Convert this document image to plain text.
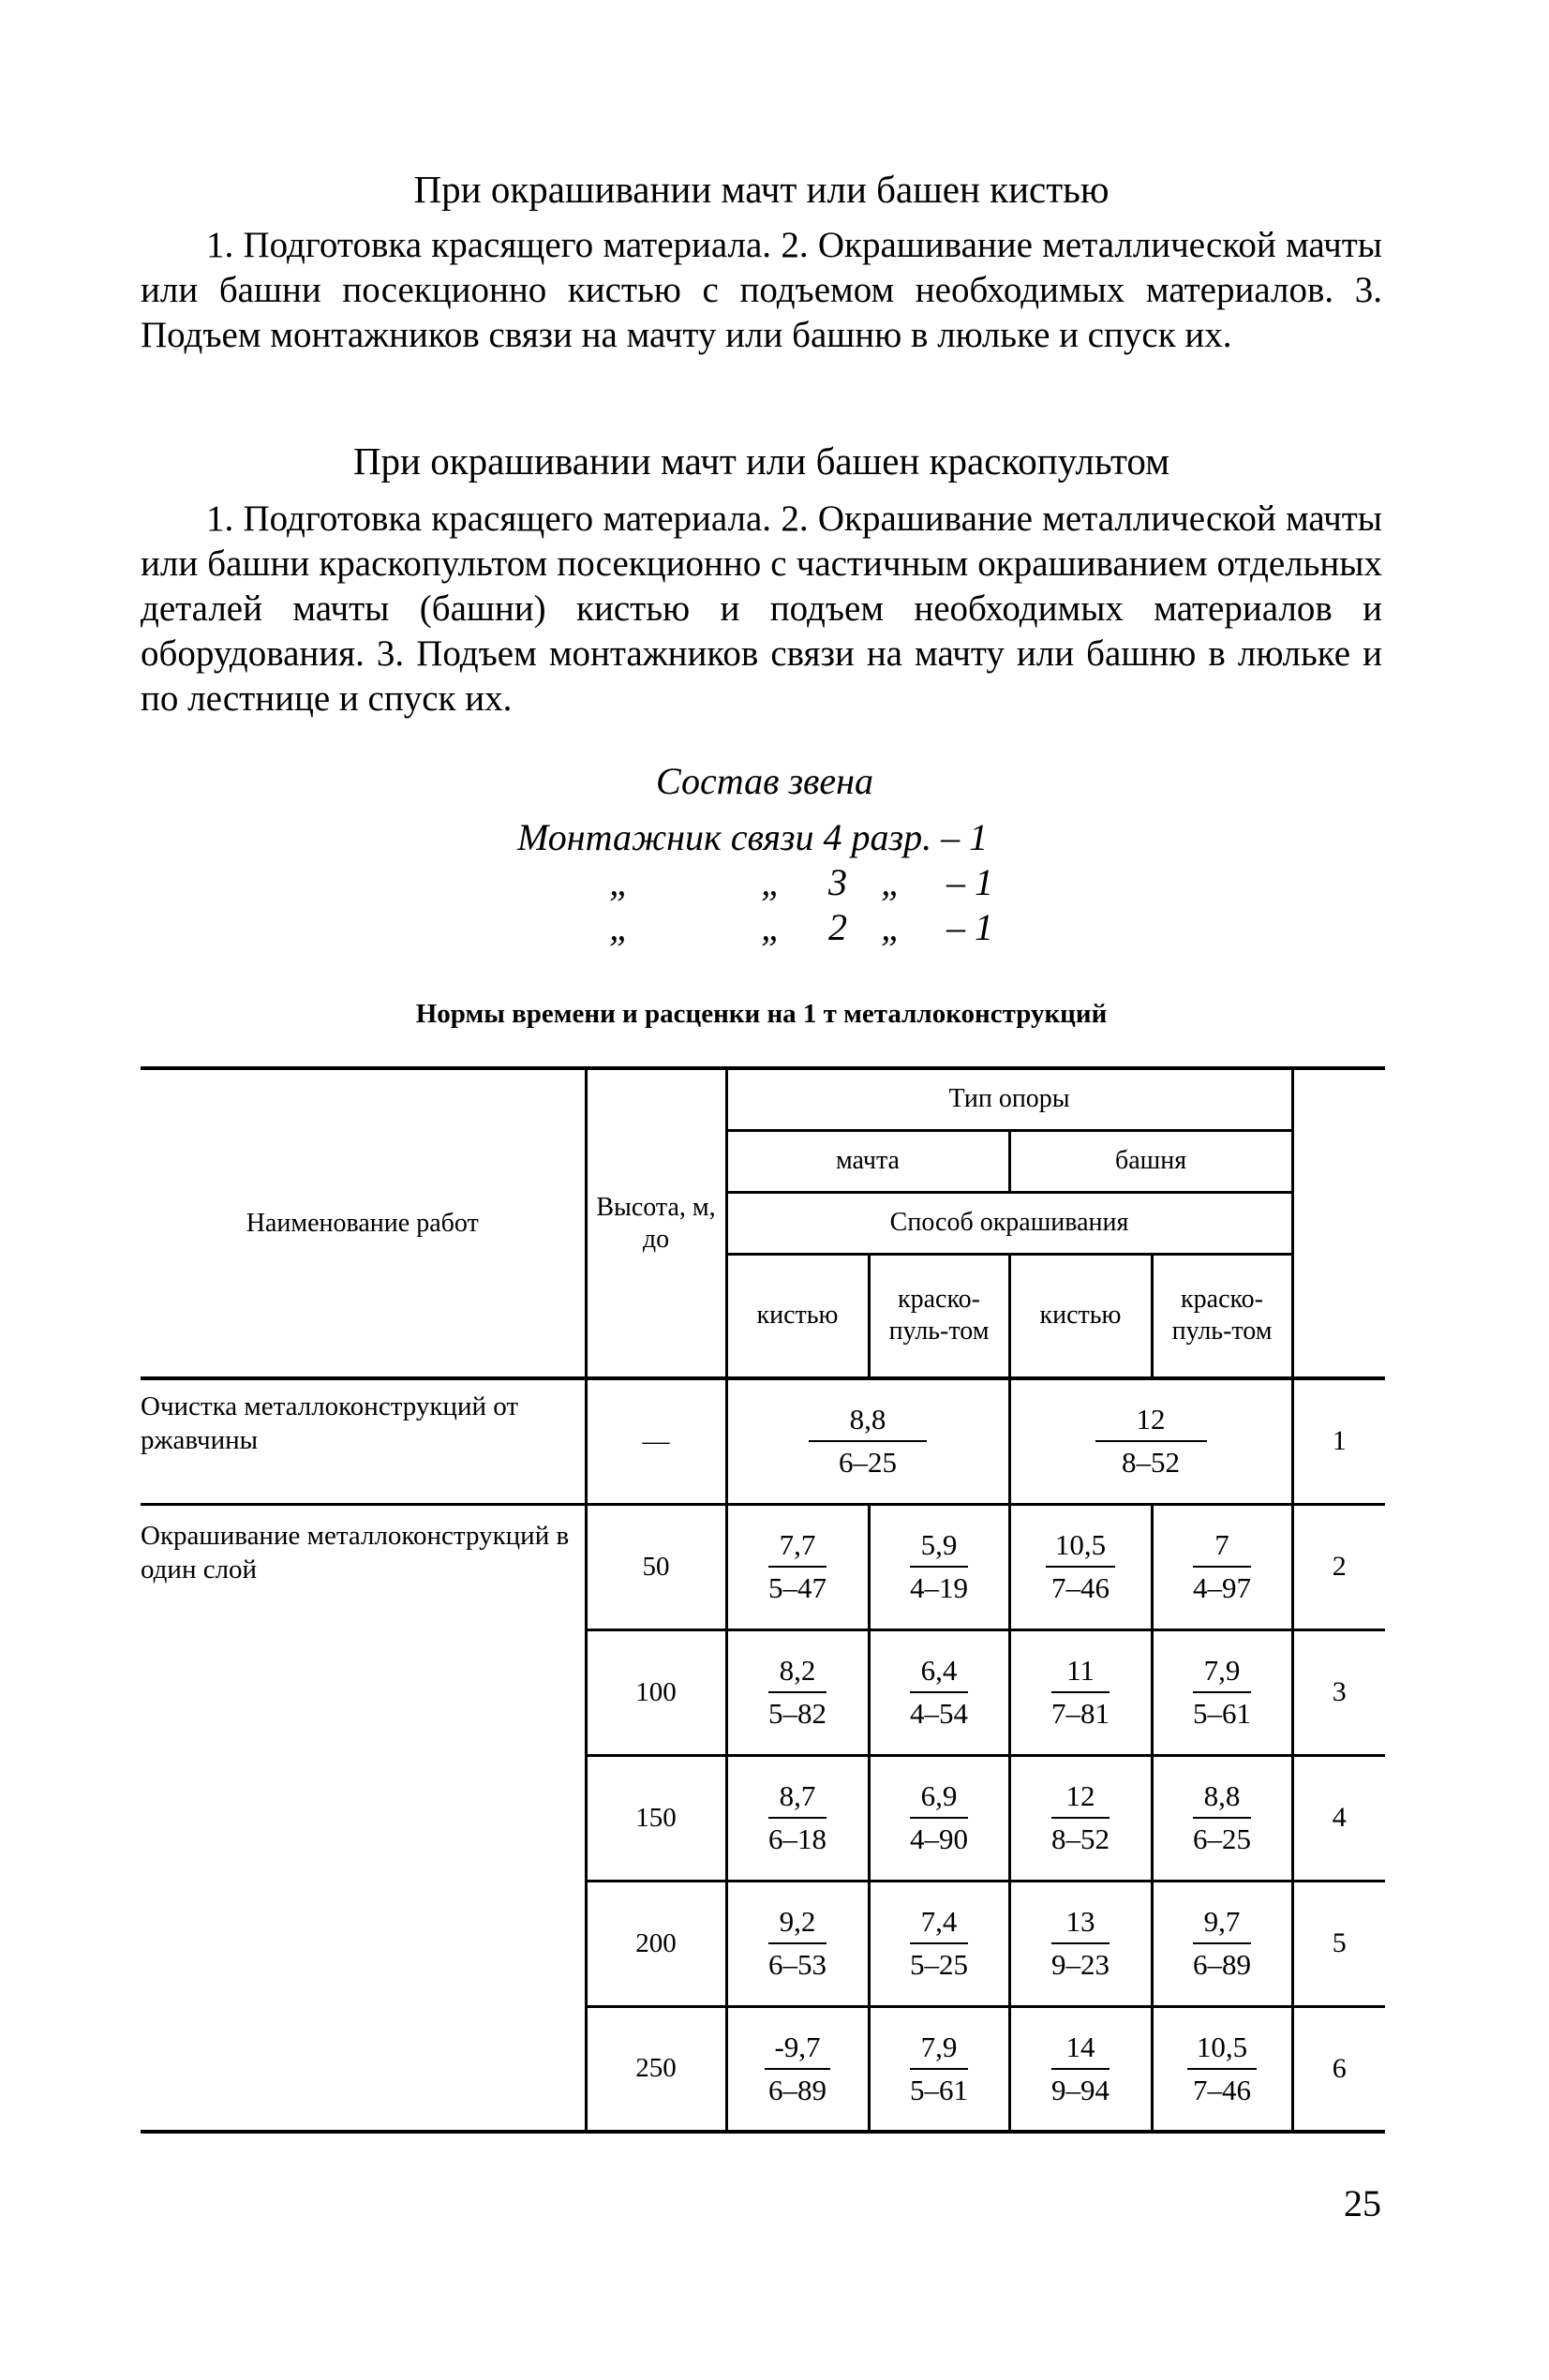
При окрашивании мачт или башен кистью

1. Подготовка красящего материала. 2. Окрашивание металлической мачты или башни посекционно кистью с подъемом необходимых материалов. 3. Подъем монтажников связи на мачту или башню в люльке и спуск их.

При окрашивании мачт или башен краскопультом

1. Подготовка красящего материала. 2. Окрашивание металлической мачты или башни краскопультом посекционно с частичным окрашиванием отдельных деталей мачты (башни) кистью и подъем необходимых материалов и оборудования. 3. Подъем монтажников связи на мачту или башню в люльке и по лестнице и спуск их.

Состав звена
Монтажник связи 4 разр. – 1
„	„ 3 „ – 1
„	„ 2 „ – 1
Нормы времени и расценки на 1 т металлоконструкций
Наименование работ	Высота, м, до	Тип опоры				
		мачта		башня		
		Способ окрашивания				
		кистью	краско-пуль-том	кистью	краско-пуль-том	
Очистка металлоконструкций от ржавчины	—	$\frac{8,8}{6-25}$		$\frac{12}{8-52}$		1
Окрашивание металлоконструкций в один слой	50	$\frac{7,7}{5-47}$	$\frac{5,9}{4-19}$	$\frac{10,5}{7-46}$	$\frac{7}{4-97}$	2
	100	$\frac{8,2}{5-82}$	$\frac{6,4}{4-54}$	$\frac{11}{7-81}$	$\frac{7,9}{5-61}$	3
	150	$\frac{8,7}{6-18}$	$\frac{6,9}{4-90}$	$\frac{12}{8-52}$	$\frac{8,8}{6-25}$	4
	200	$\frac{9,2}{6-53}$	$\frac{7,4}{5-25}$	$\frac{13}{9-23}$	$\frac{9,7}{6-89}$	5
	250	$\frac{-9,7}{6-89}$	$\frac{7,9}{5-61}$	$\frac{14}{9-94}$	$\frac{10,5}{7-46}$	6
25
